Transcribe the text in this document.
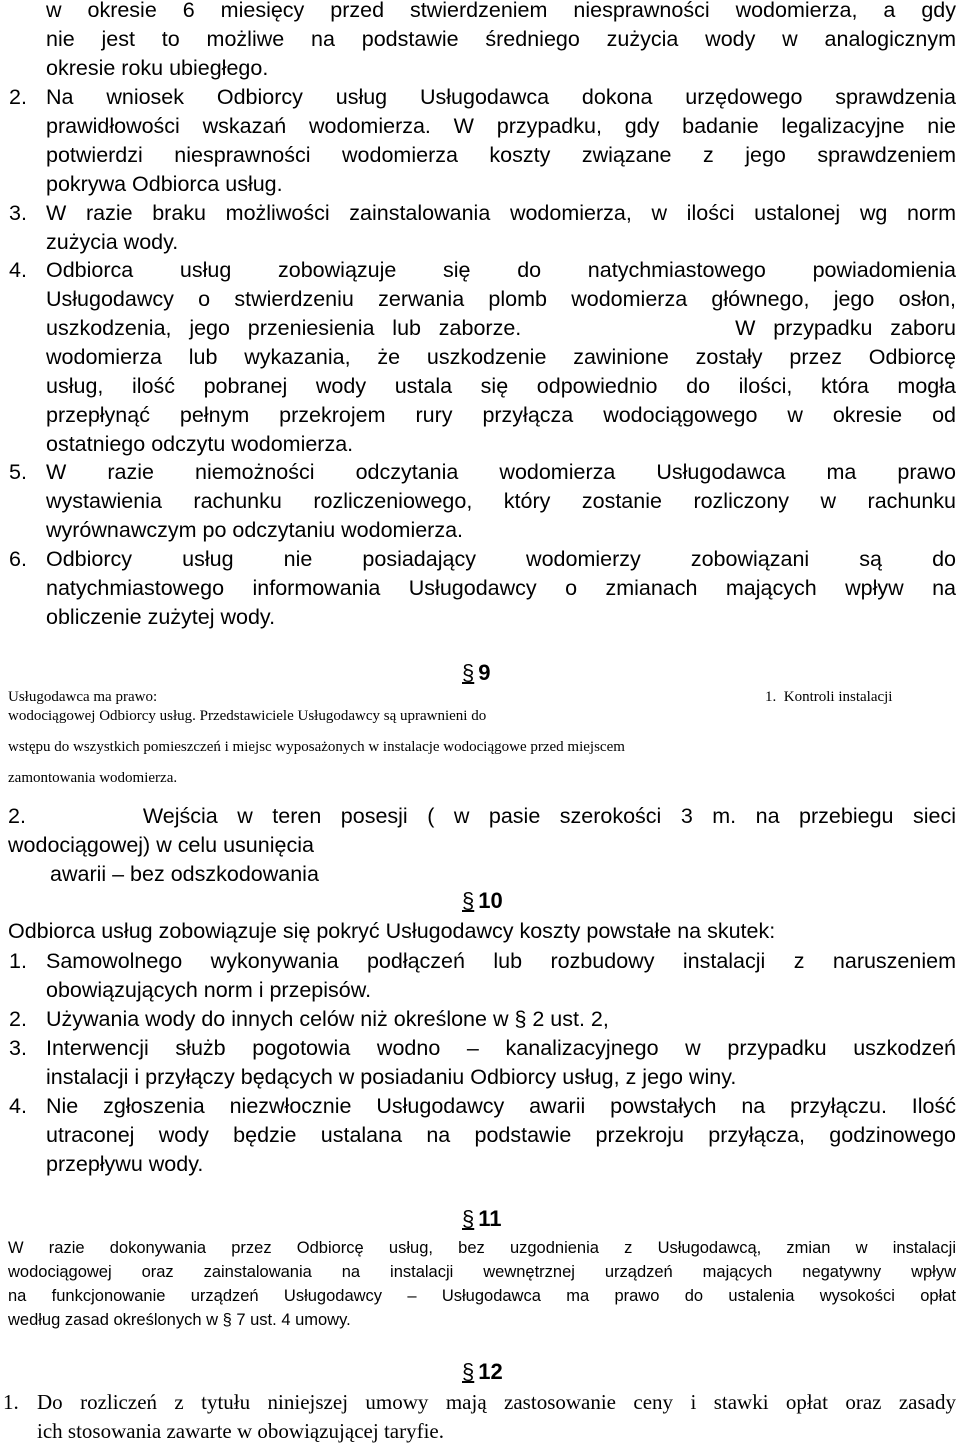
w okresie 6 miesięcy przed stwierdzeniem niesprawności wodomierza, a gdy
nie jest to możliwe na podstawie średniego zużycia wody w analogicznym
okresie roku ubiegłego.
2. Na wniosek Odbiorcy usług Usługodawca dokona urzędowego sprawdzenia
prawidłowości wskazań wodomierza. W przypadku, gdy badanie legalizacyjne nie
potwierdzi niesprawności wodomierza koszty związane z jego sprawdzeniem
pokrywa Odbiorca usług.
3. W razie braku możliwości zainstalowania wodomierza, w ilości ustalonej wg norm
zużycia wody.
4. Odbiorca usług zobowiązuje się do natychmiastowego powiadomienia
Usługodawcy o stwierdzeniu zerwania plomb wodomierza głównego, jego osłon,
uszkodzenia, jego przeniesienia lub zaborze.            W przypadku zaboru
wodomierza lub wykazania, że uszkodzenie zawinione zostały przez Odbiorcę
usług, ilość pobranej wody ustala się odpowiednio do ilości, która mogła
przepłynąć pełnym przekrojem rury przyłącza wodociągowego w okresie od
ostatniego odczytu wodomierza.
5. W razie niemożności odczytania wodomierza Usługodawca ma prawo
wystawienia rachunku rozliczeniowego, który zostanie rozliczony w rachunku
wyrównawczym po odczytaniu wodomierza.
6. Odbiorcy usług nie posiadający wodomierzy zobowiązani są do
natychmiastowego informowania Usługodawcy o zmianach mających wpływ na
obliczenie zużytej wody.
§ 9
Usługodawca ma prawo:	1. Kontroli instalacji
wodociągowej Odbiorcy usług. Przedstawiciele Usługodawcy są uprawnieni do
wstępu do wszystkich pomieszczeń i miejsc wyposażonych w instalacje wodociągowe przed miejscem
zamontowania wodomierza.
2.      Wejścia w teren posesji ( w pasie szerokości 3 m. na przebiegu sieci
wodociągowej) w celu usunięcia
awarii – bez odszkodowania
§ 10
Odbiorca usług zobowiązuje się pokryć Usługodawcy koszty powstałe na skutek:
1. Samowolnego wykonywania podłączeń lub rozbudowy instalacji z naruszeniem
obowiązujących norm i przepisów.
2. Używania wody do innych celów niż określone w § 2 ust. 2,
3. Interwencji służb pogotowia wodno – kanalizacyjnego w przypadku uszkodzeń
instalacji i przyłączy będących w posiadaniu Odbiorcy usług, z jego winy.
4. Nie zgłoszenia niezwłocznie Usługodawcy awarii powstałych na przyłączu. Ilość
utraconej wody będzie ustalana na podstawie przekroju przyłącza, godzinowego
przepływu wody.
§ 11
W razie dokonywania przez Odbiorcę usług, bez uzgodnienia z Usługodawcą, zmian w instalacji
wodociągowej oraz zainstalowania na instalacji wewnętrznej urządzeń mających negatywny wpływ
na funkcjonowanie urządzeń Usługodawcy – Usługodawca ma prawo do ustalenia wysokości opłat
według zasad określonych w § 7 ust. 4 umowy.
§ 12
1. Do rozliczeń z tytułu niniejszej umowy mają zastosowanie ceny i stawki opłat oraz zasady
ich stosowania zawarte w obowiązującej taryfie.
